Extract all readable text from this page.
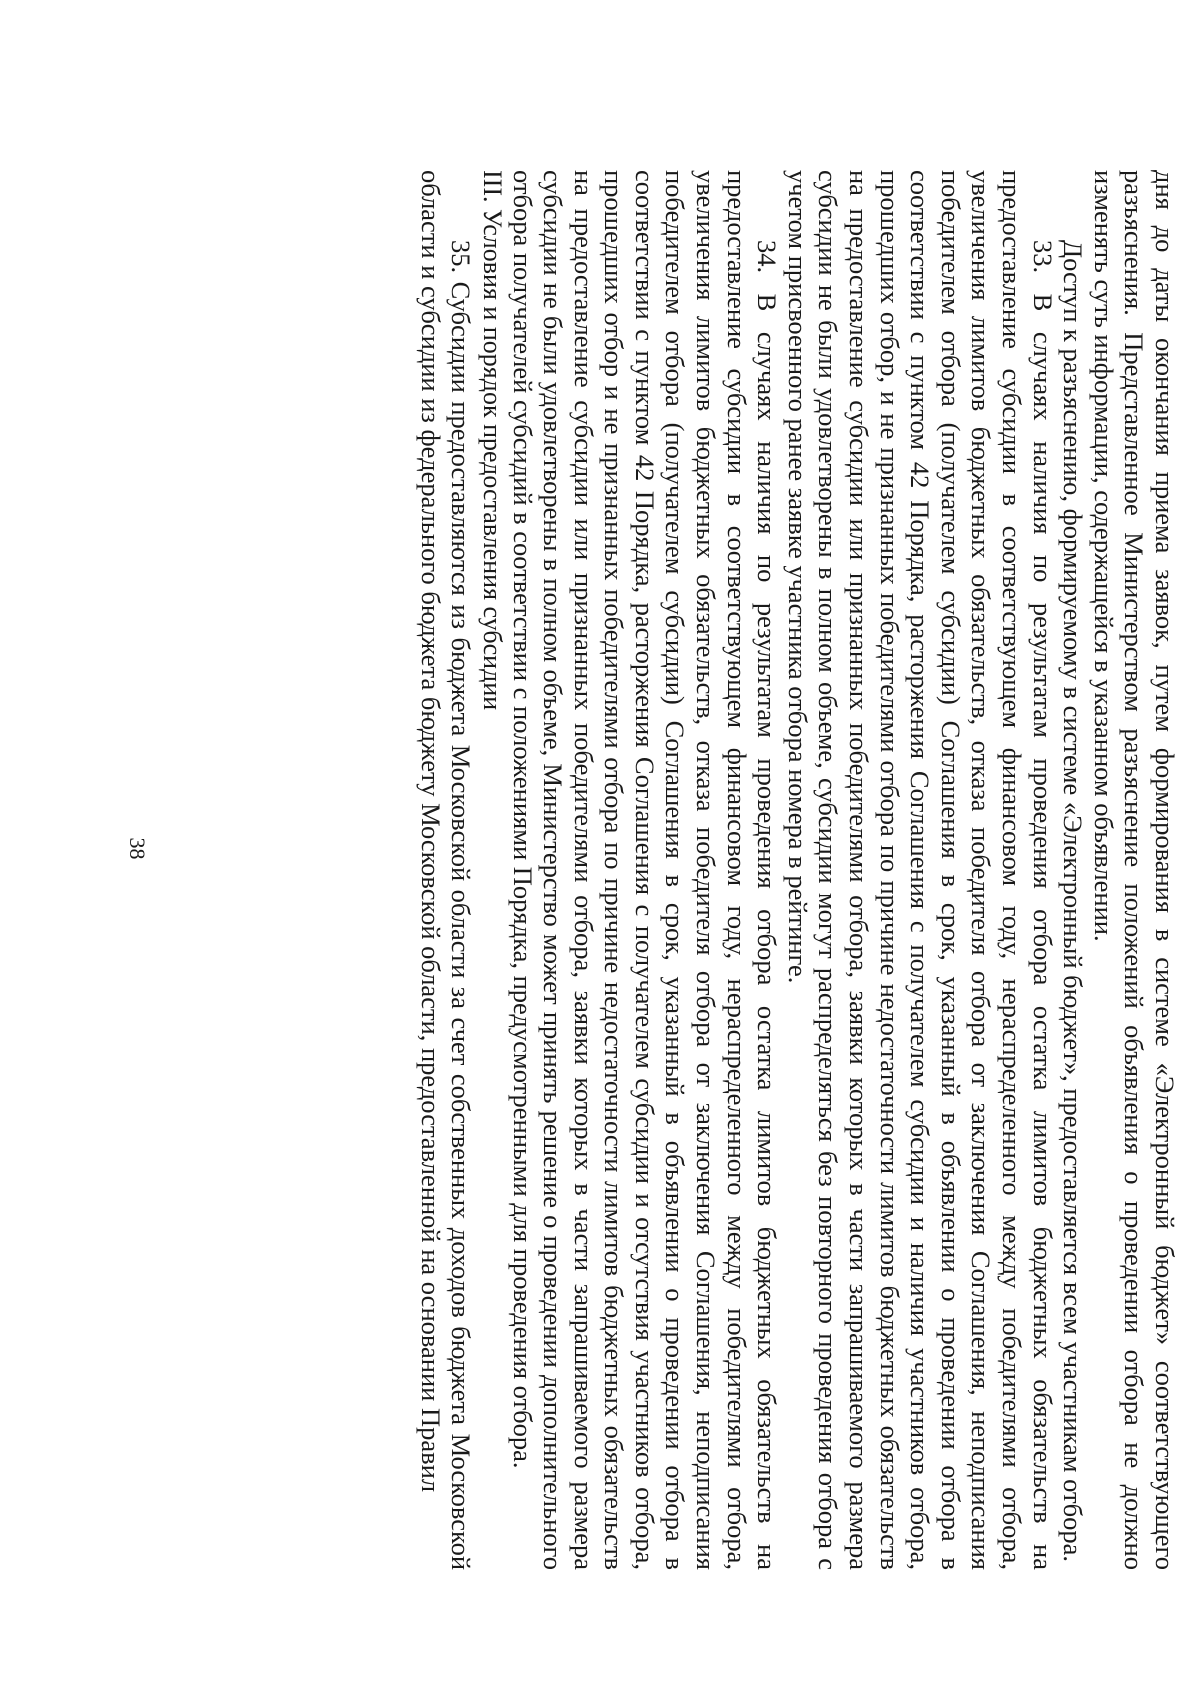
38	дня до даты окончания приема заявок, путем формирования в системе «Электронный бюджет» соответствующего разъяснения. Представленное Министерством разъяснение положений объявления о проведении отбора не должно изменять суть информации, содержащейся в указанном объявлении.

Доступ к разъяснению, формируемому в системе «Электронный бюджет», предоставляется всем участникам отбора.

33. В случаях наличия по результатам проведения отбора остатка лимитов бюджетных обязательств на предоставление субсидии в соответствующем финансовом году, нераспределенного между победителями отбора, увеличения лимитов бюджетных обязательств, отказа победителя отбора от заключения Соглашения, неподписания победителем отбора (получателем субсидии) Соглашения в срок, указанный в объявлении о проведении отбора в соответствии с пунктом 42 Порядка, расторжения Соглашения с получателем субсидии и наличия участников отбора, прошедших отбор, и не признанных победителями отбора по причине недостаточности лимитов бюджетных обязательств на предоставление субсидии или признанных победителями отбора, заявки которых в части запрашиваемого размера субсидии не были удовлетворены в полном объеме, субсидии могут распределяться без повторного проведения отбора с учетом присвоенного ранее заявке участника отбора номера в рейтинге.

34. В случаях наличия по результатам проведения отбора остатка лимитов бюджетных обязательств на предоставление субсидии в соответствующем финансовом году, нераспределенного между победителями отбора, увеличения лимитов бюджетных обязательств, отказа победителя отбора от заключения Соглашения, неподписания победителем отбора (получателем субсидии) Соглашения в срок, указанный в объявлении о проведении отбора в соответствии с пунктом 42 Порядка, расторжения Соглашения с получателем субсидии и отсутствия участников отбора, прошедших отбор и не признанных победителями отбора по причине недостаточности лимитов бюджетных обязательств на предоставление субсидии или признанных победителями отбора, заявки которых в части запрашиваемого размера субсидии не были удовлетворены в полном объеме, Министерство может принять решение о проведении дополнительного отбора получателей субсидий в соответствии с положениями Порядка, предусмотренными для проведения отбора.

III. Условия и порядок предоставления субсидии

35. Субсидии предоставляются из бюджета Московской области за счет собственных доходов бюджета Московской области и субсидии из федерального бюджета бюджету Московской области, предоставленной на основании Правил
